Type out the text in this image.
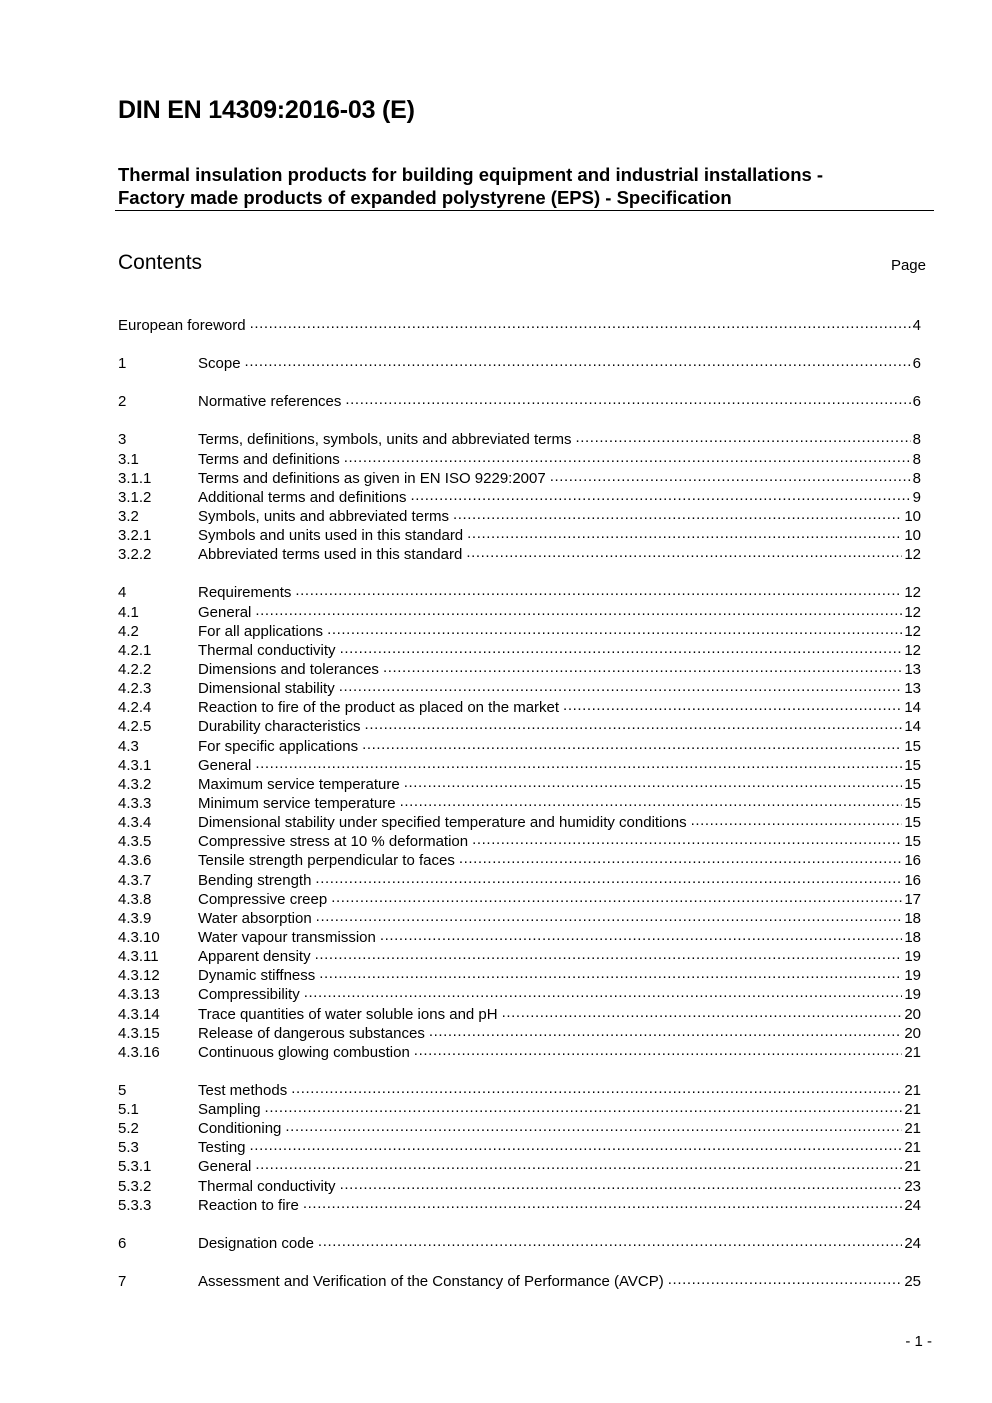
DIN EN 14309:2016-03 (E)
Thermal insulation products for building equipment and industrial installations -
Factory made products of expanded polystyrene (EPS) - Specification
Contents	Page
European foreword .....	4
1	Scope .....	6
2	Normative references .....	6
3	Terms, definitions, symbols, units and abbreviated terms .....	8
3.1	Terms and definitions .....	8
3.1.1	Terms and definitions as given in EN ISO 9229:2007 .....	8
3.1.2	Additional terms and definitions .....	9
3.2	Symbols, units and abbreviated terms .....	10
3.2.1	Symbols and units used in this standard .....	10
3.2.2	Abbreviated terms used in this standard .....	12
4	Requirements .....	12
4.1	General .....	12
4.2	For all applications .....	12
4.2.1	Thermal conductivity .....	12
4.2.2	Dimensions and tolerances .....	13
4.2.3	Dimensional stability .....	13
4.2.4	Reaction to fire of the product as placed on the market .....	14
4.2.5	Durability characteristics .....	14
4.3	For specific applications .....	15
4.3.1	General .....	15
4.3.2	Maximum service temperature .....	15
4.3.3	Minimum service temperature .....	15
4.3.4	Dimensional stability under specified temperature and humidity conditions .....	15
4.3.5	Compressive stress at 10 % deformation .....	15
4.3.6	Tensile strength perpendicular to faces .....	16
4.3.7	Bending strength .....	16
4.3.8	Compressive creep .....	17
4.3.9	Water absorption .....	18
4.3.10	Water vapour transmission .....	18
4.3.11	Apparent density .....	19
4.3.12	Dynamic stiffness .....	19
4.3.13	Compressibility .....	19
4.3.14	Trace quantities of water soluble ions and pH .....	20
4.3.15	Release of dangerous substances .....	20
4.3.16	Continuous glowing combustion .....	21
5	Test methods .....	21
5.1	Sampling .....	21
5.2	Conditioning .....	21
5.3	Testing .....	21
5.3.1	General .....	21
5.3.2	Thermal conductivity .....	23
5.3.3	Reaction to fire .....	24
6	Designation code .....	24
7	Assessment and Verification of the Constancy of Performance (AVCP) .....	25
- 1 -
